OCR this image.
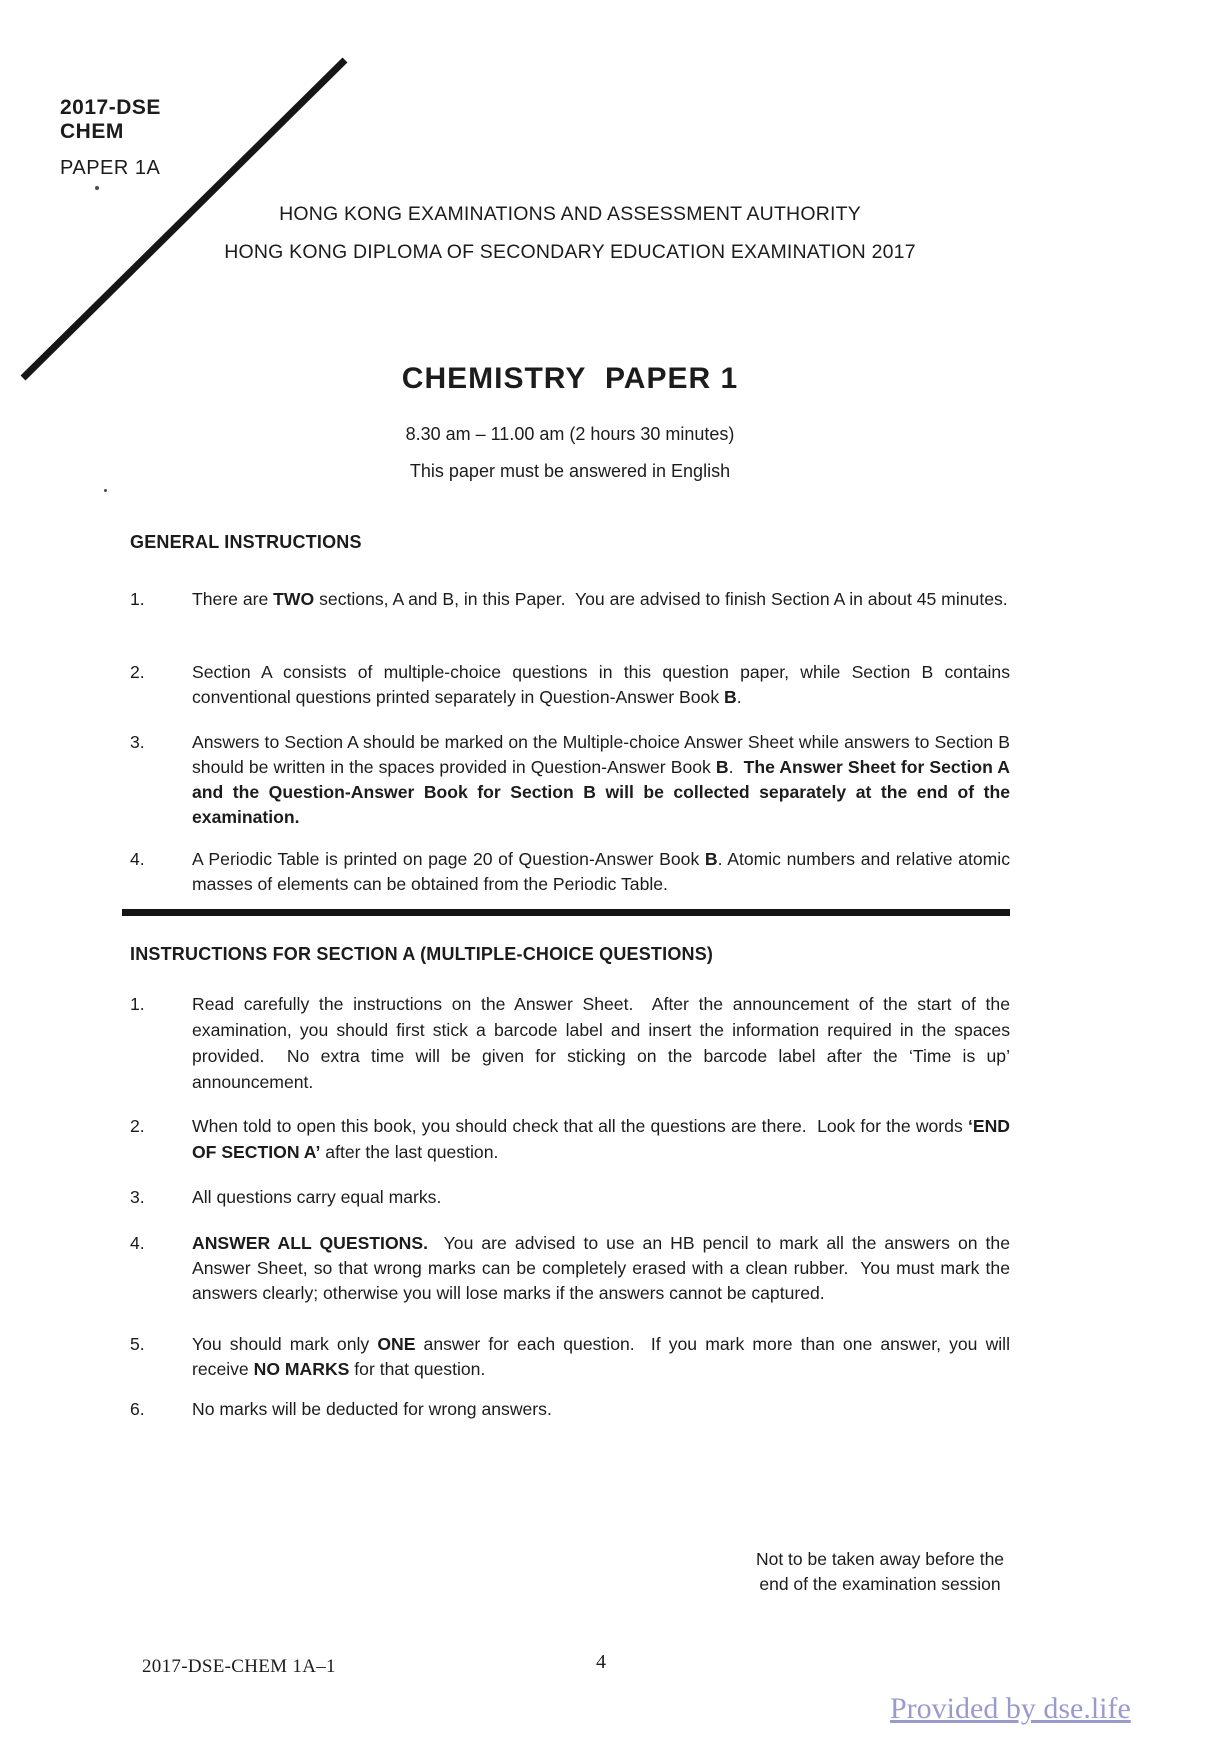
2017-DSE
CHEM
PAPER 1A
HONG KONG EXAMINATIONS AND ASSESSMENT AUTHORITY
HONG KONG DIPLOMA OF SECONDARY EDUCATION EXAMINATION 2017
CHEMISTRY  PAPER 1
8.30 am – 11.00 am (2 hours 30 minutes)
This paper must be answered in English
GENERAL INSTRUCTIONS
1.	There are TWO sections, A and B, in this Paper.  You are advised to finish Section A in about 45 minutes.
2.	Section A consists of multiple-choice questions in this question paper, while Section B contains conventional questions printed separately in Question-Answer Book B.
3.	Answers to Section A should be marked on the Multiple-choice Answer Sheet while answers to Section B should be written in the spaces provided in Question-Answer Book B.  The Answer Sheet for Section A and the Question-Answer Book for Section B will be collected separately at the end of the examination.
4.	A Periodic Table is printed on page 20 of Question-Answer Book B. Atomic numbers and relative atomic masses of elements can be obtained from the Periodic Table.
INSTRUCTIONS FOR SECTION A (MULTIPLE-CHOICE QUESTIONS)
1.	Read carefully the instructions on the Answer Sheet.  After the announcement of the start of the examination, you should first stick a barcode label and insert the information required in the spaces provided.  No extra time will be given for sticking on the barcode label after the ‘Time is up’ announcement.
2.	When told to open this book, you should check that all the questions are there.  Look for the words ‘END OF SECTION A’ after the last question.
3.	All questions carry equal marks.
4.	ANSWER ALL QUESTIONS.  You are advised to use an HB pencil to mark all the answers on the Answer Sheet, so that wrong marks can be completely erased with a clean rubber.  You must mark the answers clearly; otherwise you will lose marks if the answers cannot be captured.
5.	You should mark only ONE answer for each question.  If you mark more than one answer, you will receive NO MARKS for that question.
6.	No marks will be deducted for wrong answers.
Not to be taken away before the
end of the examination session
2017-DSE-CHEM 1A–1	4
Provided by dse.life
